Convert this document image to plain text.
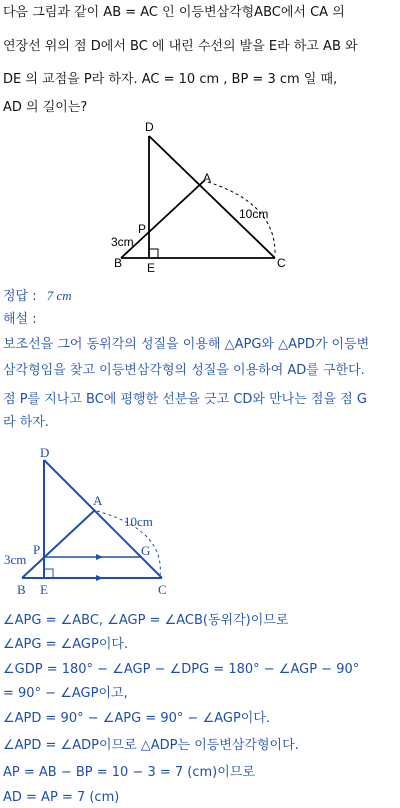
다음 그림과 같이 AB = AC 인 이등변삼각형ABC에서 CA 의
연장선 위의 점 D에서 BC 에 내린 수선의 발을 E라 하고 AB 와
DE 의 교점을 P라 하자. AC = 10 cm , BP = 3 cm 일 때,
AD 의 길이는?
D
A
P
B E	C
10cm
3cm
정답 : 7 cm
해설 :
보조선을 그어 동위각의 성질을 이용해 △APG와 △APD가 이등변
삼각형임을 찾고 이등변삼각형의 성질을 이용하여 AD를 구한다.
점 P를 지나고 BC에 평행한 선분을 긋고 CD와 만나는 점을 점 G
라 하자.
D
A
P	G
B E	C
10cm
3cm
∠APG = ∠ABC, ∠AGP = ∠ACB(동위각)이므로
∠APG = ∠AGP이다.
∠GDP = 180° − ∠AGP − ∠DPG = 180° − ∠AGP − 90°
= 90° − ∠AGP이고,
∠APD = 90° − ∠APG = 90° − ∠AGP이다.
∠APD = ∠ADP이므로 △ADP는 이등변삼각형이다.
AP = AB − BP = 10 − 3 = 7 (cm)이므로
AD = AP = 7 (cm)
